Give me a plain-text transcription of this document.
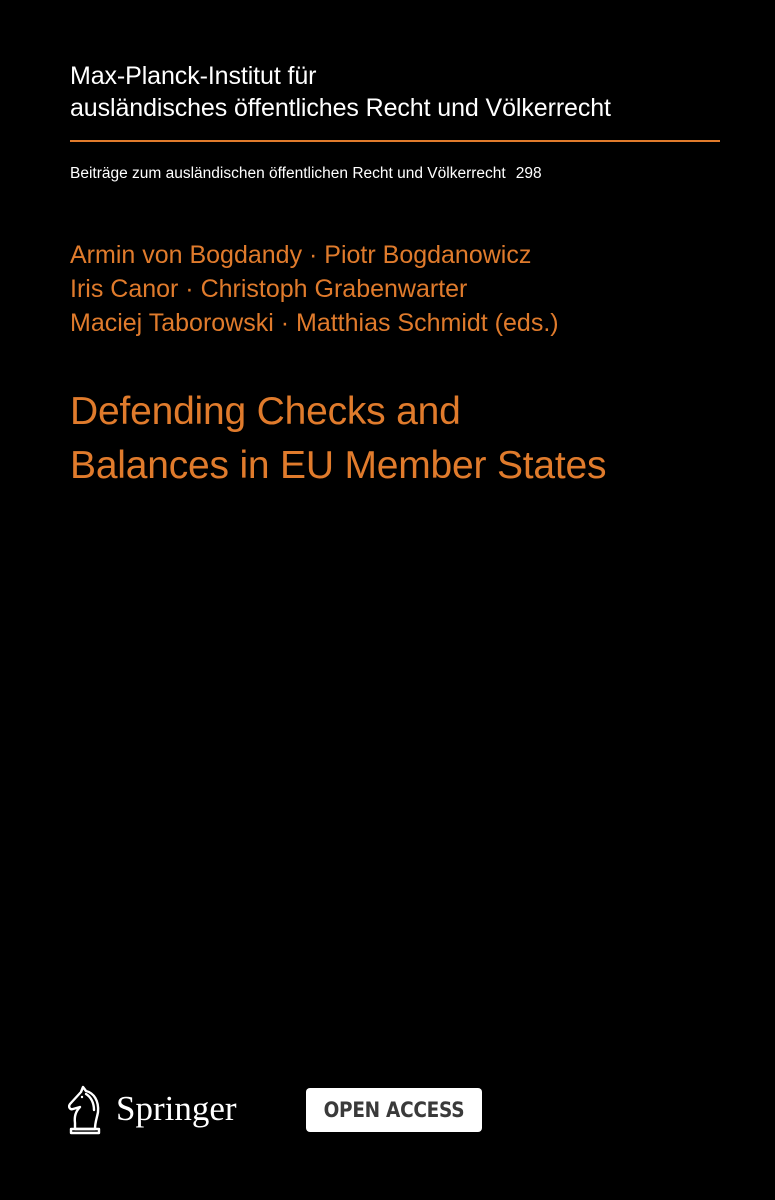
Max-Planck-Institut für
ausländisches öffentliches Recht und Völkerrecht
Beiträge zum ausländischen öffentlichen Recht und Völkerrecht 298
Armin von Bogdandy · Piotr Bogdanowicz
Iris Canor · Christoph Grabenwarter
Maciej Taborowski · Matthias Schmidt (eds.)
Defending Checks and
Balances in EU Member States
Springer	OPEN ACCESS
